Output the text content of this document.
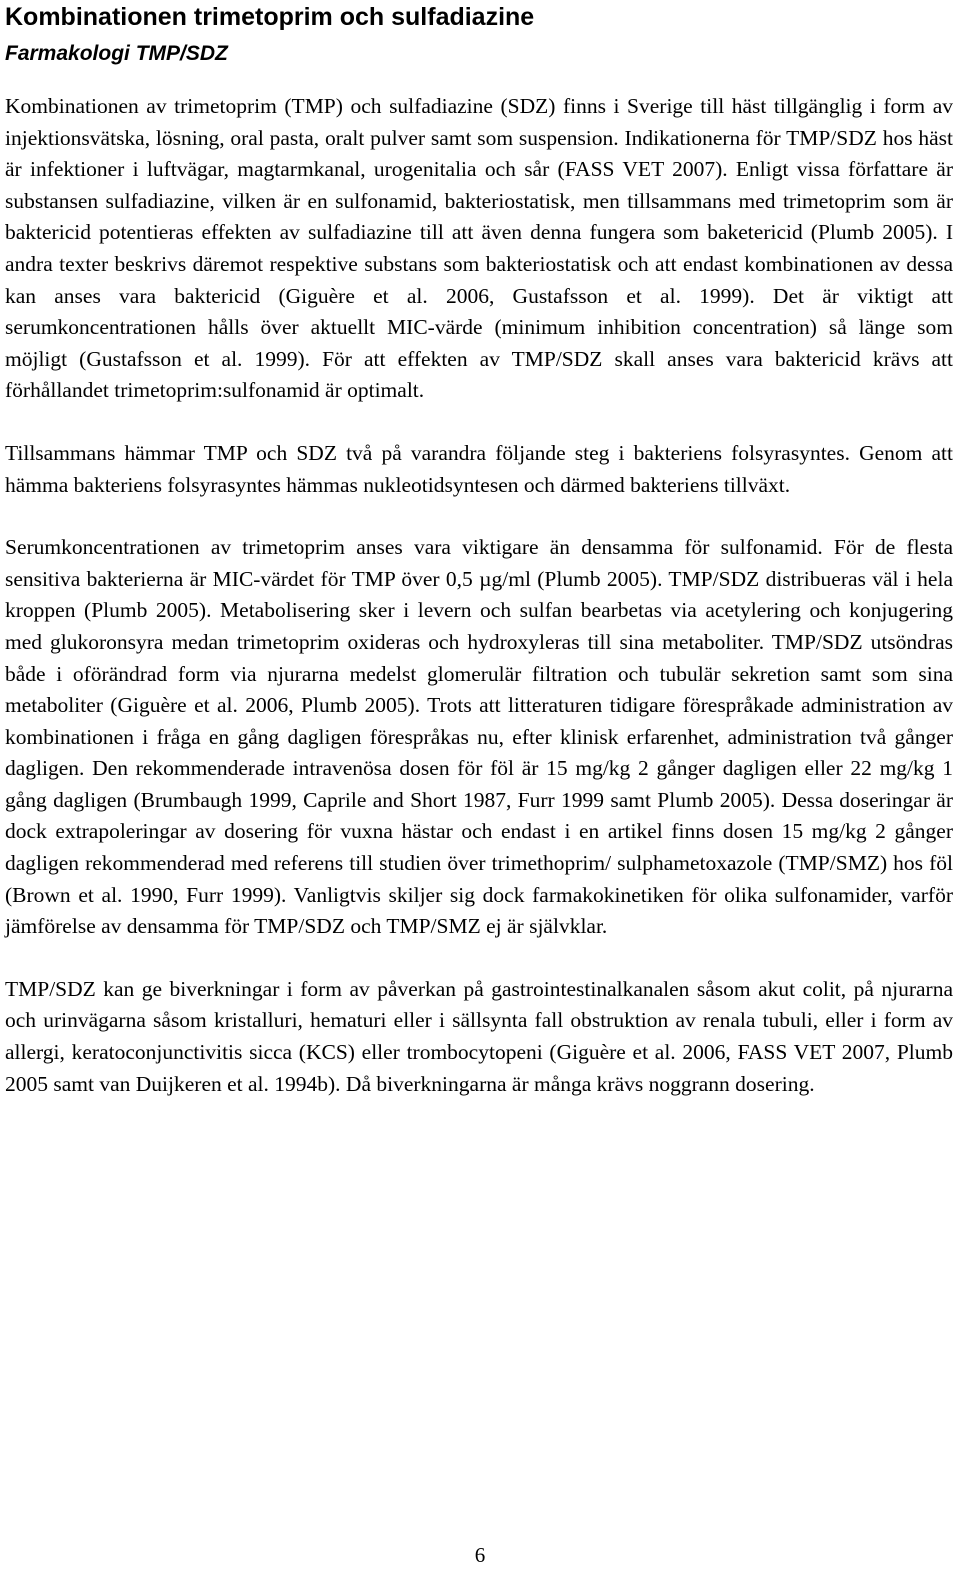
Kombinationen trimetoprim och sulfadiazine
Farmakologi TMP/SDZ

Kombinationen av trimetoprim (TMP) och sulfadiazine (SDZ) finns i Sverige till häst tillgänglig i form av injektionsvätska, lösning, oral pasta, oralt pulver samt som suspension. Indikationerna för TMP/SDZ hos häst är infektioner i luftvägar, magtarmkanal, urogenitalia och sår (FASS VET 2007). Enligt vissa författare är substansen sulfadiazine, vilken är en sulfonamid, bakteriostatisk, men tillsammans med trimetoprim som är baktericid potentieras effekten av sulfadiazine till att även denna fungera som baketericid (Plumb 2005). I andra texter beskrivs däremot respektive substans som bakteriostatisk och att endast kombinationen av dessa kan anses vara baktericid (Giguère et al. 2006, Gustafsson et al. 1999). Det är viktigt att serumkoncentrationen hålls över aktuellt MIC-värde (minimum inhibition concentration) så länge som möjligt (Gustafsson et al. 1999). För att effekten av TMP/SDZ skall anses vara baktericid krävs att förhållandet trimetoprim:sulfonamid är optimalt.

Tillsammans hämmar TMP och SDZ två på varandra följande steg i bakteriens folsyrasyntes. Genom att hämma bakteriens folsyrasyntes hämmas nukleotidsyntesen och därmed bakteriens tillväxt.

Serumkoncentrationen av trimetoprim anses vara viktigare än densamma för sulfonamid. För de flesta sensitiva bakterierna är MIC-värdet för TMP över 0,5 µg/ml (Plumb 2005). TMP/SDZ distribueras väl i hela kroppen (Plumb 2005). Metabolisering sker i levern och sulfan bearbetas via acetylering och konjugering med glukoronsyra medan trimetoprim oxideras och hydroxyleras till sina metaboliter. TMP/SDZ utsöndras både i oförändrad form via njurarna medelst glomerulär filtration och tubulär sekretion samt som sina metaboliter (Giguère et al. 2006, Plumb 2005). Trots att litteraturen tidigare förespråkade administration av kombinationen i fråga en gång dagligen förespråkas nu, efter klinisk erfarenhet, administration två gånger dagligen. Den rekommenderade intravenösa dosen för föl är 15 mg/kg 2 gånger dagligen eller 22 mg/kg 1 gång dagligen (Brumbaugh 1999, Caprile and Short 1987, Furr 1999 samt Plumb 2005). Dessa doseringar är dock extrapoleringar av dosering för vuxna hästar och endast i en artikel finns dosen 15 mg/kg 2 gånger dagligen rekommenderad med referens till studien över trimethoprim/ sulphametoxazole (TMP/SMZ) hos föl (Brown et al. 1990, Furr 1999). Vanligtvis skiljer sig dock farmakokinetiken för olika sulfonamider, varför jämförelse av densamma för TMP/SDZ och TMP/SMZ ej är självklar.

TMP/SDZ kan ge biverkningar i form av påverkan på gastrointestinalkanalen såsom akut colit, på njurarna och urinvägarna såsom kristalluri, hematuri eller i sällsynta fall obstruktion av renala tubuli, eller i form av allergi, keratoconjunctivitis sicca (KCS) eller trombocytopeni (Giguère et al. 2006, FASS VET 2007, Plumb 2005 samt van Duijkeren et al. 1994b). Då biverkningarna är många krävs noggrann dosering.

6
